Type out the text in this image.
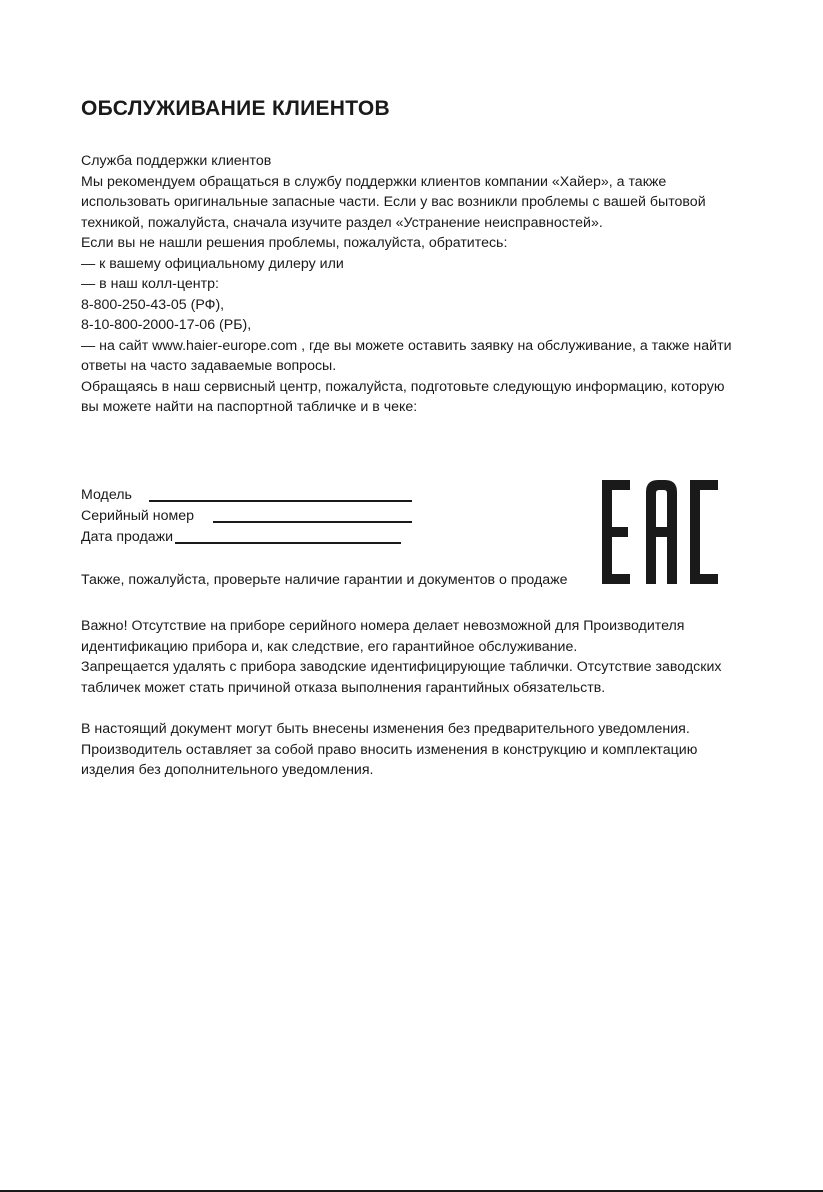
ОБСЛУЖИВАНИЕ КЛИЕНТОВ

Служба поддержки клиентов

Мы рекомендуем обращаться в службу поддержки клиентов компании «Хайер», а также

использовать оригинальные запасные части. Если у вас возникли проблемы с вашей бытовой

техникой, пожалуйста, сначала изучите раздел «Устранение неисправностей».

Если вы не нашли решения проблемы, пожалуйста, обратитесь:

— к вашему официальному дилеру или

— в наш колл-центр:

8-800-250-43-05 (РФ),

8-10-800-2000-17-06 (РБ),

— на сайт www.haier-europe.com , где вы можете оставить заявку на обслуживание, а также найти

ответы на часто задаваемые вопросы.

Обращаясь в наш сервисный центр, пожалуйста, подготовьте следующую информацию, которую

вы можете найти на паспортной табличке и в чеке:

Модель
Серийный номер
Дата продажи

Также, пожалуйста, проверьте наличие гарантии и документов о продаже

Важно! Отсутствие на приборе серийного номера делает невозможной для Производителя

идентификацию прибора и, как следствие, его гарантийное обслуживание.

Запрещается удалять с прибора заводские идентифицирующие таблички. Отсутствие заводских

табличек может стать причиной отказа выполнения гарантийных обязательств.

В настоящий документ могут быть внесены изменения без предварительного уведомления.

Производитель оставляет за собой право вносить изменения в конструкцию и комплектацию

изделия без дополнительного уведомления.
